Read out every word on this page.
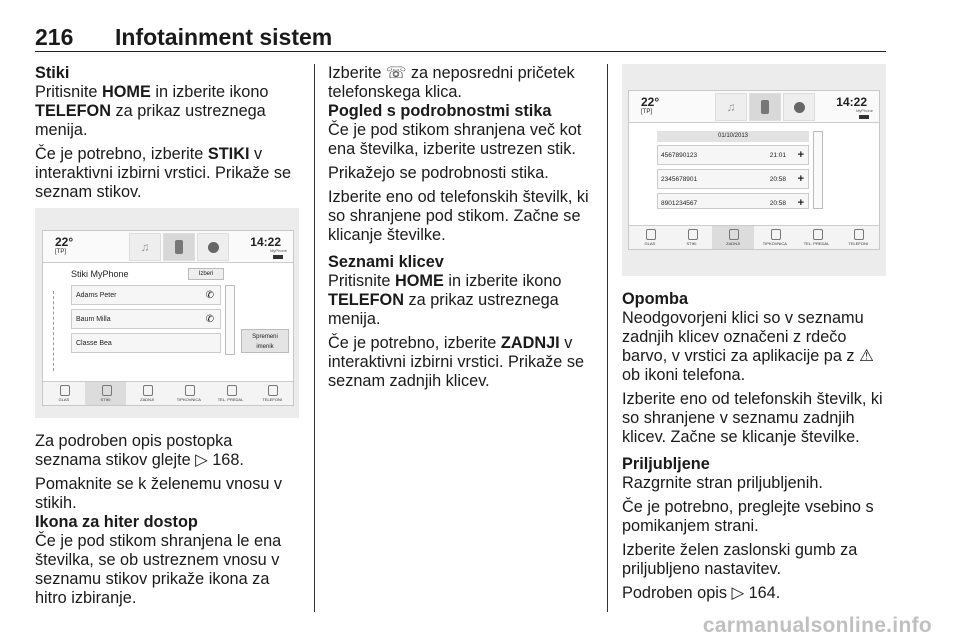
216 Infotainment sistem
Stiki
Pritisnite HOME in izberite ikono TELEFON za prikaz ustreznega menija.
Če je potrebno, izberite STIKI v interaktivni izbirni vrstici. Prikaže se seznam stikov.
22°
[TP]	♫	14:22
MyPhone
Stiki MyPhone	Izberi
Adams Peter	✆
Baum Milla	✆
Classe Bea
Spremeni
imenik
GLAS	STIKI	ZADNJI	TIPKOVNICA	TEL. PREDAL	TELEFONI
Za podroben opis postopka seznama stikov glejte ▷ 168.
Pomaknite se k želenemu vnosu v stikih.
Ikona za hiter dostop
Če je pod stikom shranjena le ena številka, se ob ustreznem vnosu v seznamu stikov prikaže ikona za hitro izbiranje.
Izberite ☏ za neposredni pričetek telefonskega klica.
Pogled s podrobnostmi stika
Če je pod stikom shranjena več kot ena številka, izberite ustrezen stik.
Prikažejo se podrobnosti stika.
Izberite eno od telefonskih številk, ki so shranjene pod stikom. Začne se klicanje številke.
Seznami klicev
Pritisnite HOME in izberite ikono TELEFON za prikaz ustreznega menija.
Če je potrebno, izberite ZADNJI v interaktivni izbirni vrstici. Prikaže se seznam zadnjih klicev.
22°
[TP]	♫	14:22
MyPhone
01/10/2013
4567890123	21:01 +
2345678901	20:58 +
8901234567	20:58 +
GLAS	STIKI	ZADNJI	TIPKOVNICA	TEL. PREDAL	TELEFONI
Opomba
Neodgovorjeni klici so v seznamu zadnjih klicev označeni z rdečo barvo, v vrstici za aplikacije pa z ⚠ ob ikoni telefona.
Izberite eno od telefonskih številk, ki so shranjene v seznamu zadnjih klicev. Začne se klicanje številke.
Priljubljene
Razgrnite stran priljubljenih.
Če je potrebno, preglejte vsebino s pomikanjem strani.
Izberite želen zaslonski gumb za priljubljeno nastavitev.
Podroben opis ▷ 164.
carmanualsonline.info
